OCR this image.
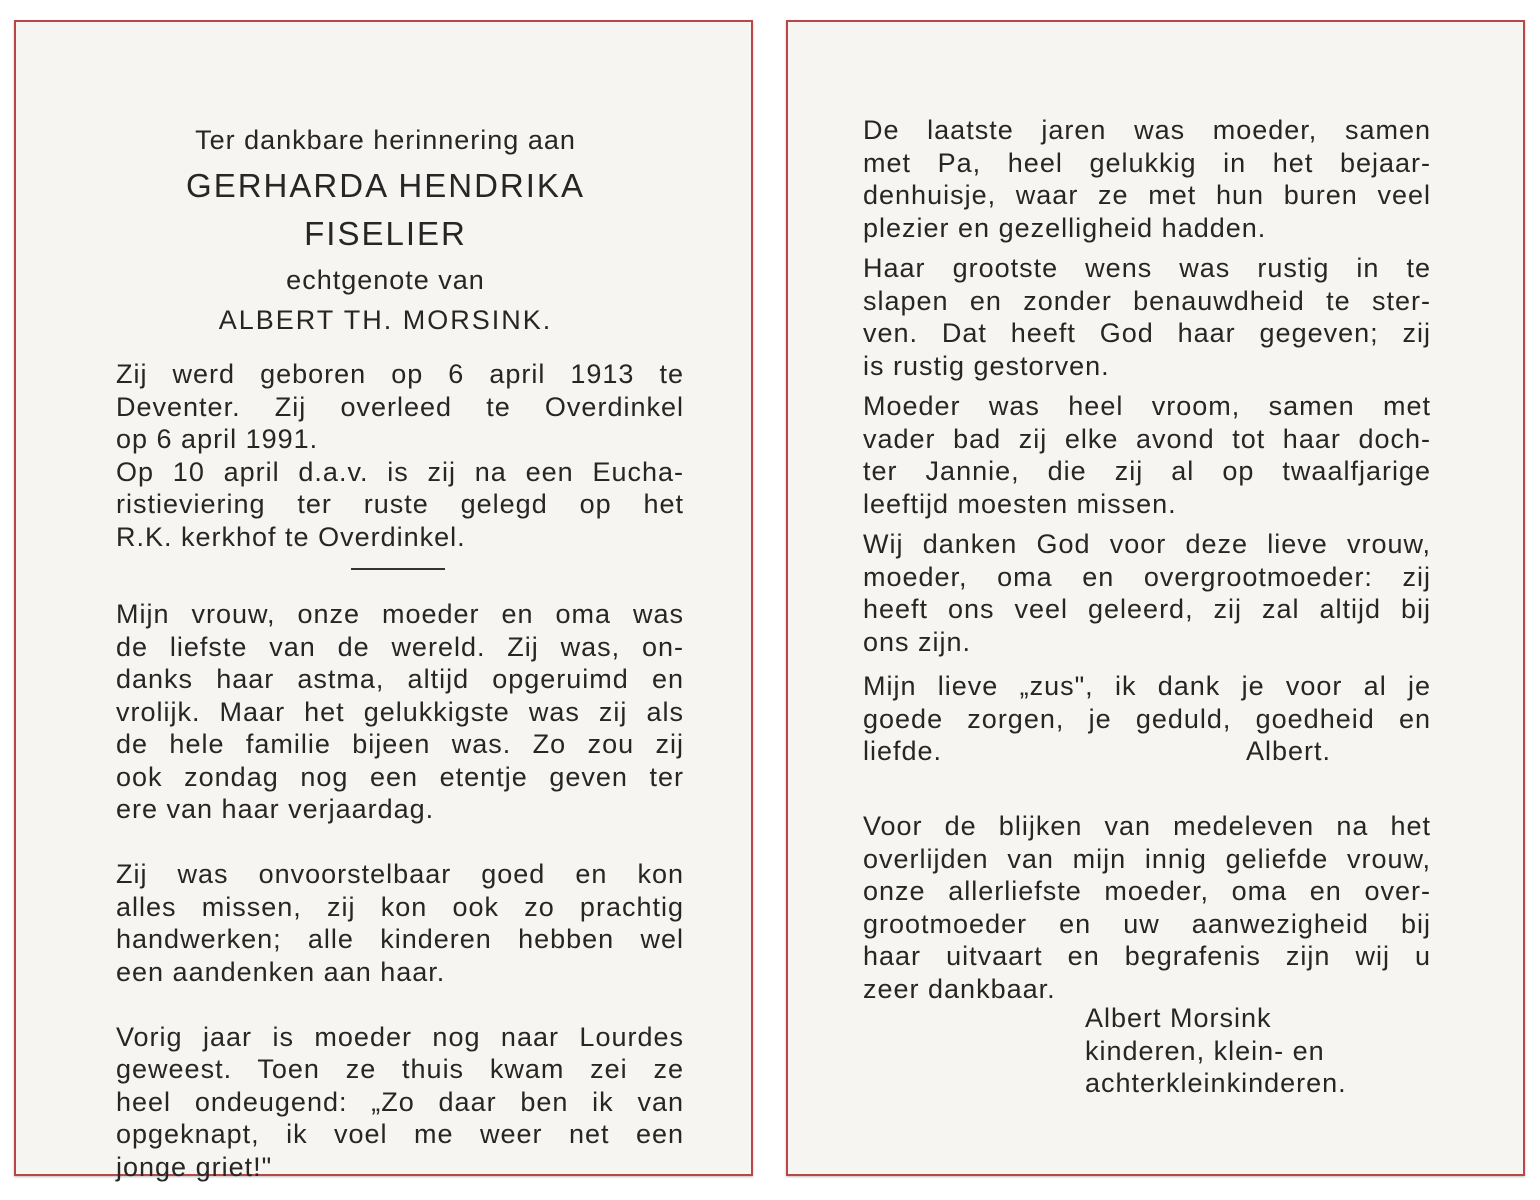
Ter dankbare herinnering aan
GERHARDA HENDRIKA
FISELIER
echtgenote van
ALBERT TH. MORSINK.
Zij werd geboren op 6 april 1913 te
Deventer. Zij overleed te Overdinkel
op 6 april 1991.
Op 10 april d.a.v. is zij na een Eucha-
ristieviering ter ruste gelegd op het
R.K. kerkhof te Overdinkel.
Mijn vrouw, onze moeder en oma was
de liefste van de wereld. Zij was, on-
danks haar astma, altijd opgeruimd en
vrolijk. Maar het gelukkigste was zij als
de hele familie bijeen was. Zo zou zij
ook zondag nog een etentje geven ter
ere van haar verjaardag.
Zij was onvoorstelbaar goed en kon
alles missen, zij kon ook zo prachtig
handwerken; alle kinderen hebben wel
een aandenken aan haar.
Vorig jaar is moeder nog naar Lourdes
geweest. Toen ze thuis kwam zei ze
heel ondeugend: „Zo daar ben ik van
opgeknapt, ik voel me weer net een
jonge griet!"
De laatste jaren was moeder, samen
met Pa, heel gelukkig in het bejaar-
denhuisje, waar ze met hun buren veel
plezier en gezelligheid hadden.
Haar grootste wens was rustig in te
slapen en zonder benauwdheid te ster-
ven. Dat heeft God haar gegeven; zij
is rustig gestorven.
Moeder was heel vroom, samen met
vader bad zij elke avond tot haar doch-
ter Jannie, die zij al op twaalfjarige
leeftijd moesten missen.
Wij danken God voor deze lieve vrouw,
moeder, oma en overgrootmoeder: zij
heeft ons veel geleerd, zij zal altijd bij
ons zijn.
Mijn lieve „zus", ik dank je voor al je
goede zorgen, je geduld, goedheid en
liefde.	Albert.
Voor de blijken van medeleven na het
overlijden van mijn innig geliefde vrouw,
onze allerliefste moeder, oma en over-
grootmoeder en uw aanwezigheid bij
haar uitvaart en begrafenis zijn wij u
zeer dankbaar.
Albert Morsink
kinderen, klein- en
achterkleinkinderen.
